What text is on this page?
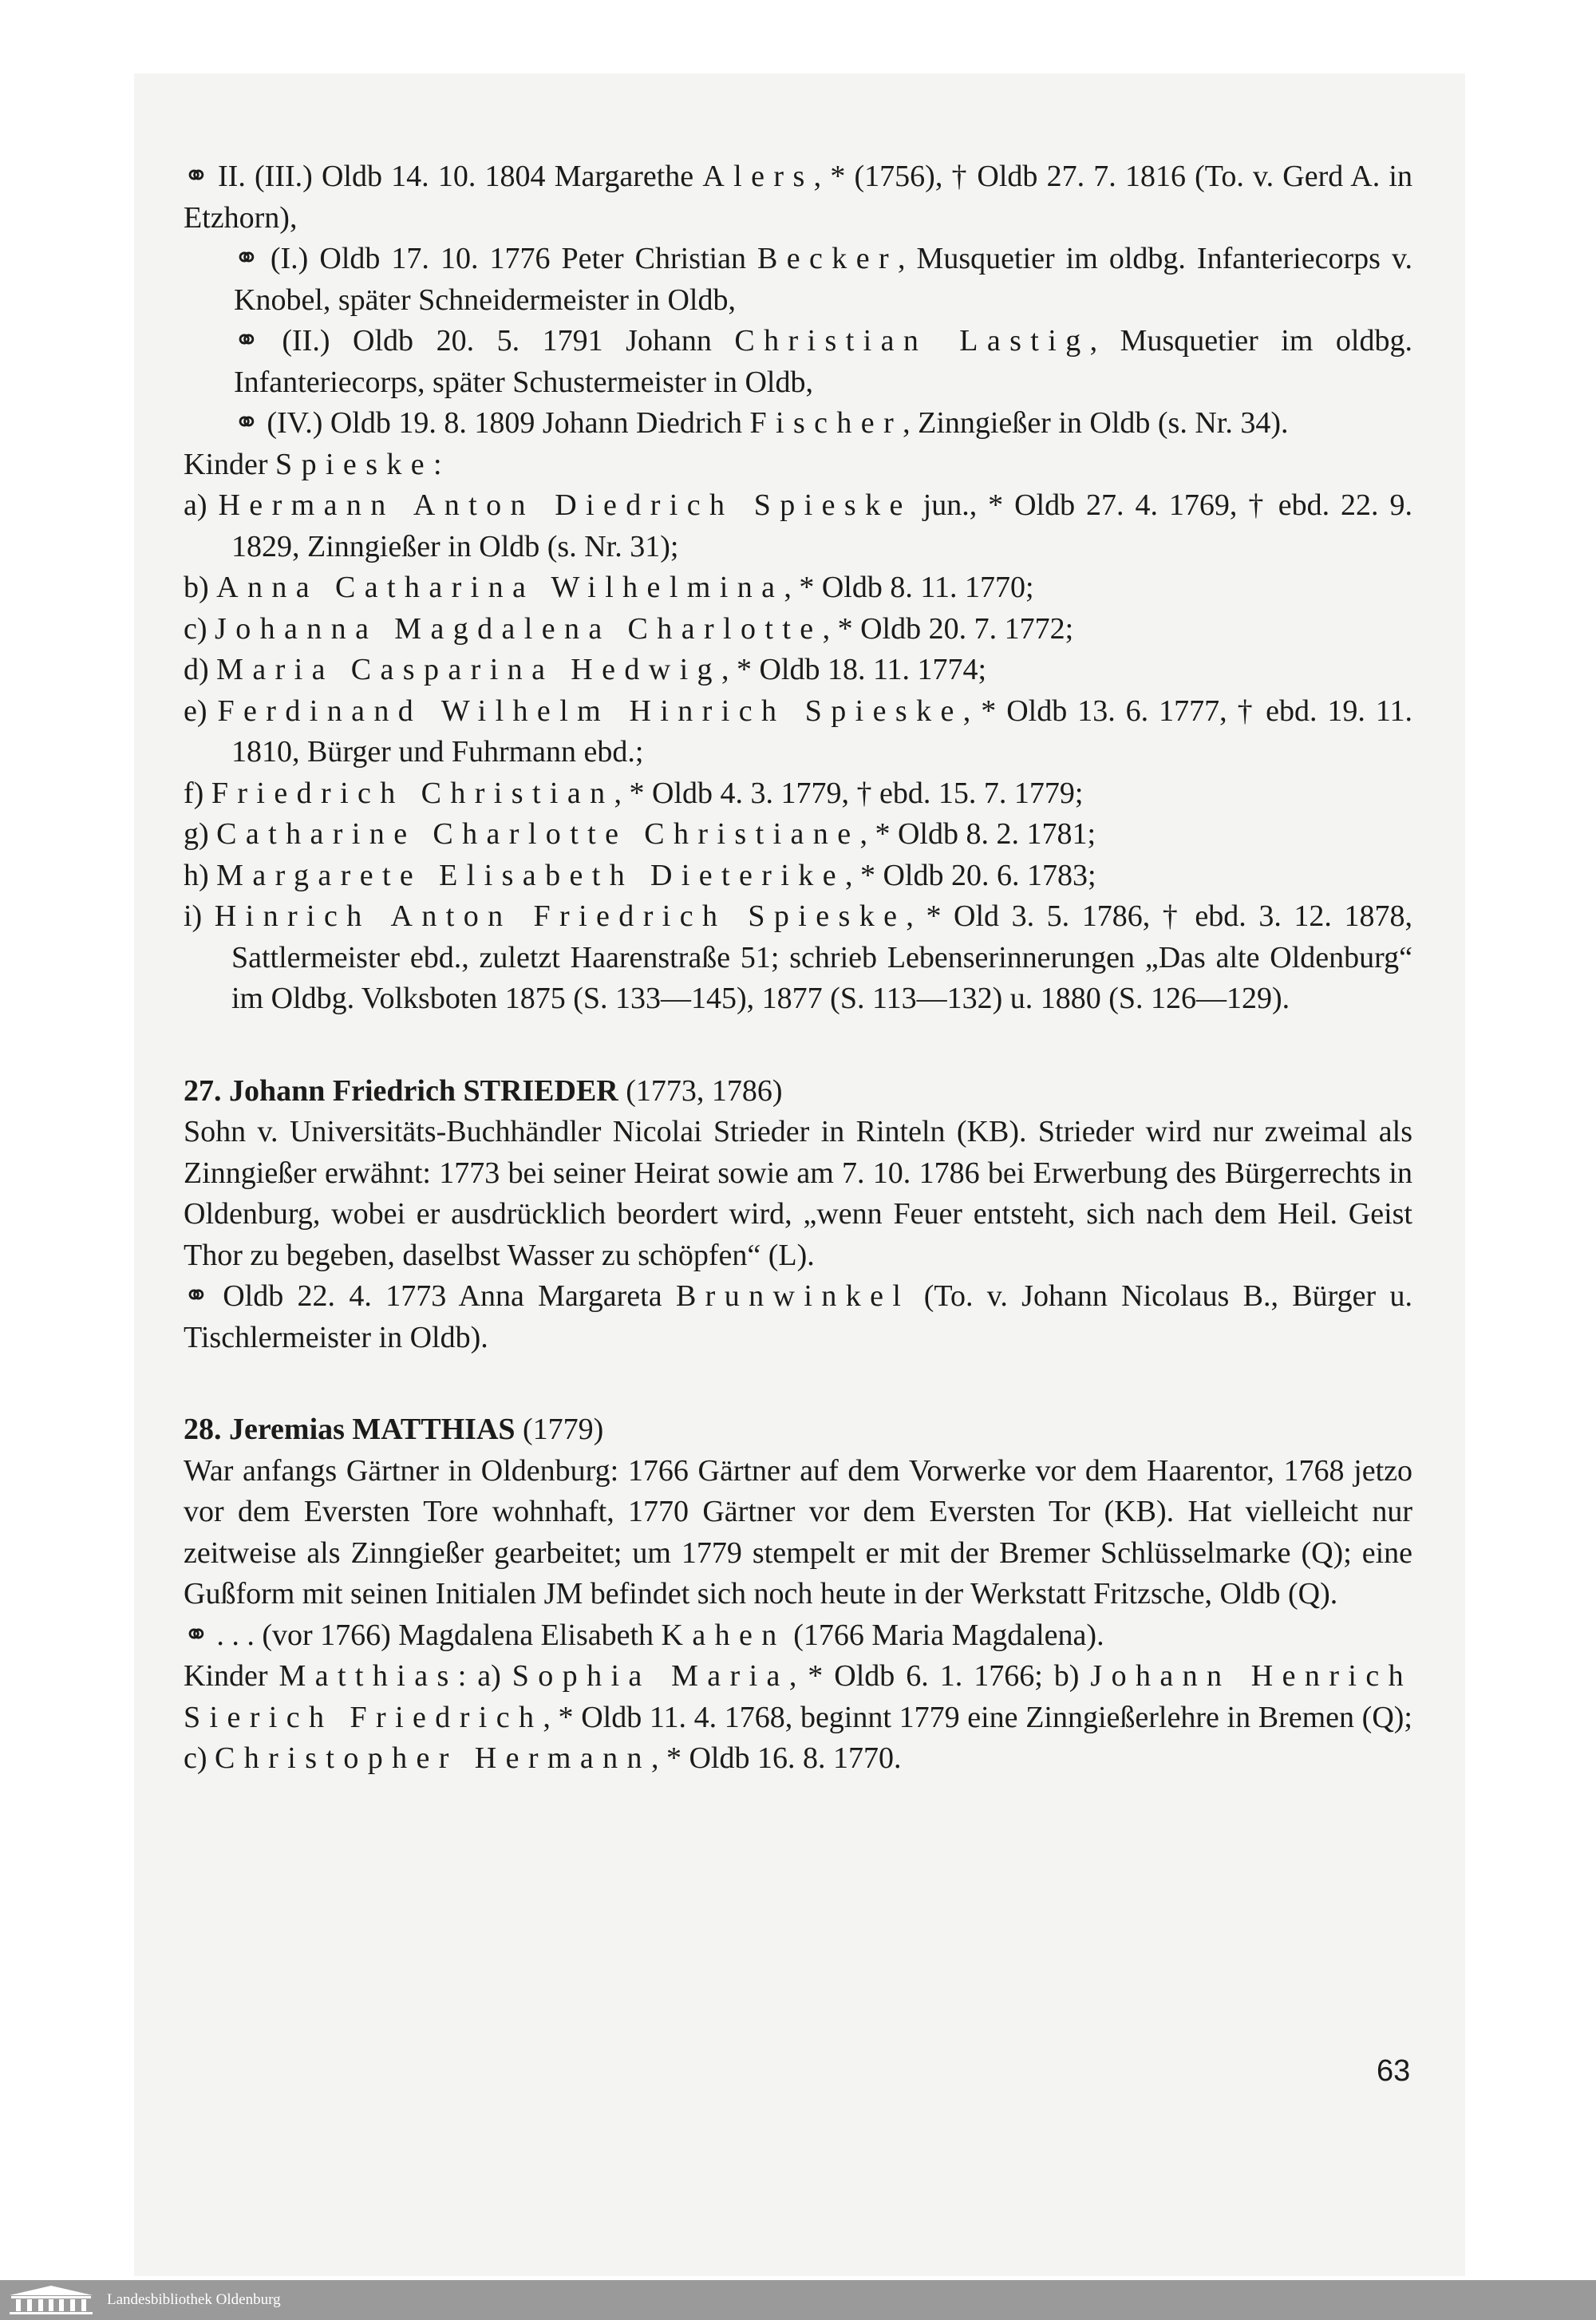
⚭ II. (III.) Oldb 14. 10. 1804 Margarethe Alers, * (1756), † Oldb 27. 7. 1816 (To. v. Gerd A. in Etzhorn),

⚭ (I.) Oldb 17. 10. 1776 Peter Christian Becker, Musquetier im oldbg. Infanteriecorps v. Knobel, später Schneidermeister in Oldb,

⚭ (II.) Oldb 20. 5. 1791 Johann Christian Lastig, Musquetier im oldbg. Infanteriecorps, später Schustermeister in Oldb,

⚭ (IV.) Oldb 19. 8. 1809 Johann Diedrich Fischer, Zinngießer in Oldb (s. Nr. 34).

Kinder Spieske:

a) Hermann Anton Diedrich Spieske jun., * Oldb 27. 4. 1769, † ebd. 22. 9. 1829, Zinngießer in Oldb (s. Nr. 31);

b) Anna Catharina Wilhelmina, * Oldb 8. 11. 1770;

c) Johanna Magdalena Charlotte, * Oldb 20. 7. 1772;

d) Maria Casparina Hedwig, * Oldb 18. 11. 1774;

e) Ferdinand Wilhelm Hinrich Spieske, * Oldb 13. 6. 1777, † ebd. 19. 11. 1810, Bürger und Fuhrmann ebd.;

f) Friedrich Christian, * Oldb 4. 3. 1779, † ebd. 15. 7. 1779;

g) Catharine Charlotte Christiane, * Oldb 8. 2. 1781;

h) Margarete Elisabeth Dieterike, * Oldb 20. 6. 1783;

i) Hinrich Anton Friedrich Spieske, * Old 3. 5. 1786, † ebd. 3. 12. 1878, Sattlermeister ebd., zuletzt Haarenstraße 51; schrieb Lebenserinnerungen „Das alte Oldenburg“ im Oldbg. Volksboten 1875 (S. 133—145), 1877 (S. 113—132) u. 1880 (S. 126—129).

27. Johann Friedrich STRIEDER (1773, 1786)

Sohn v. Universitäts-Buchhändler Nicolai Strieder in Rinteln (KB). Strieder wird nur zweimal als Zinngießer erwähnt: 1773 bei seiner Heirat sowie am 7. 10. 1786 bei Erwerbung des Bürgerrechts in Oldenburg, wobei er ausdrücklich beordert wird, „wenn Feuer entsteht, sich nach dem Heil. Geist Thor zu begeben, daselbst Wasser zu schöpfen“ (L).

⚭ Oldb 22. 4. 1773 Anna Margareta Brunwinkel (To. v. Johann Nicolaus B., Bürger u. Tischlermeister in Oldb).

28. Jeremias MATTHIAS (1779)

War anfangs Gärtner in Oldenburg: 1766 Gärtner auf dem Vorwerke vor dem Haarentor, 1768 jetzo vor dem Eversten Tore wohnhaft, 1770 Gärtner vor dem Eversten Tor (KB). Hat vielleicht nur zeitweise als Zinngießer gearbeitet; um 1779 stempelt er mit der Bremer Schlüsselmarke (Q); eine Gußform mit seinen Initialen JM befindet sich noch heute in der Werkstatt Fritzsche, Oldb (Q).

⚭ . . . (vor 1766) Magdalena Elisabeth Kahen (1766 Maria Magdalena).

Kinder Matthias: a) Sophia Maria, * Oldb 6. 1. 1766; b) Johann Henrich Sierich Friedrich, * Oldb 11. 4. 1768, beginnt 1779 eine Zinngießerlehre in Bremen (Q); c) Christopher Hermann, * Oldb 16. 8. 1770.

63
Landesbibliothek Oldenburg
